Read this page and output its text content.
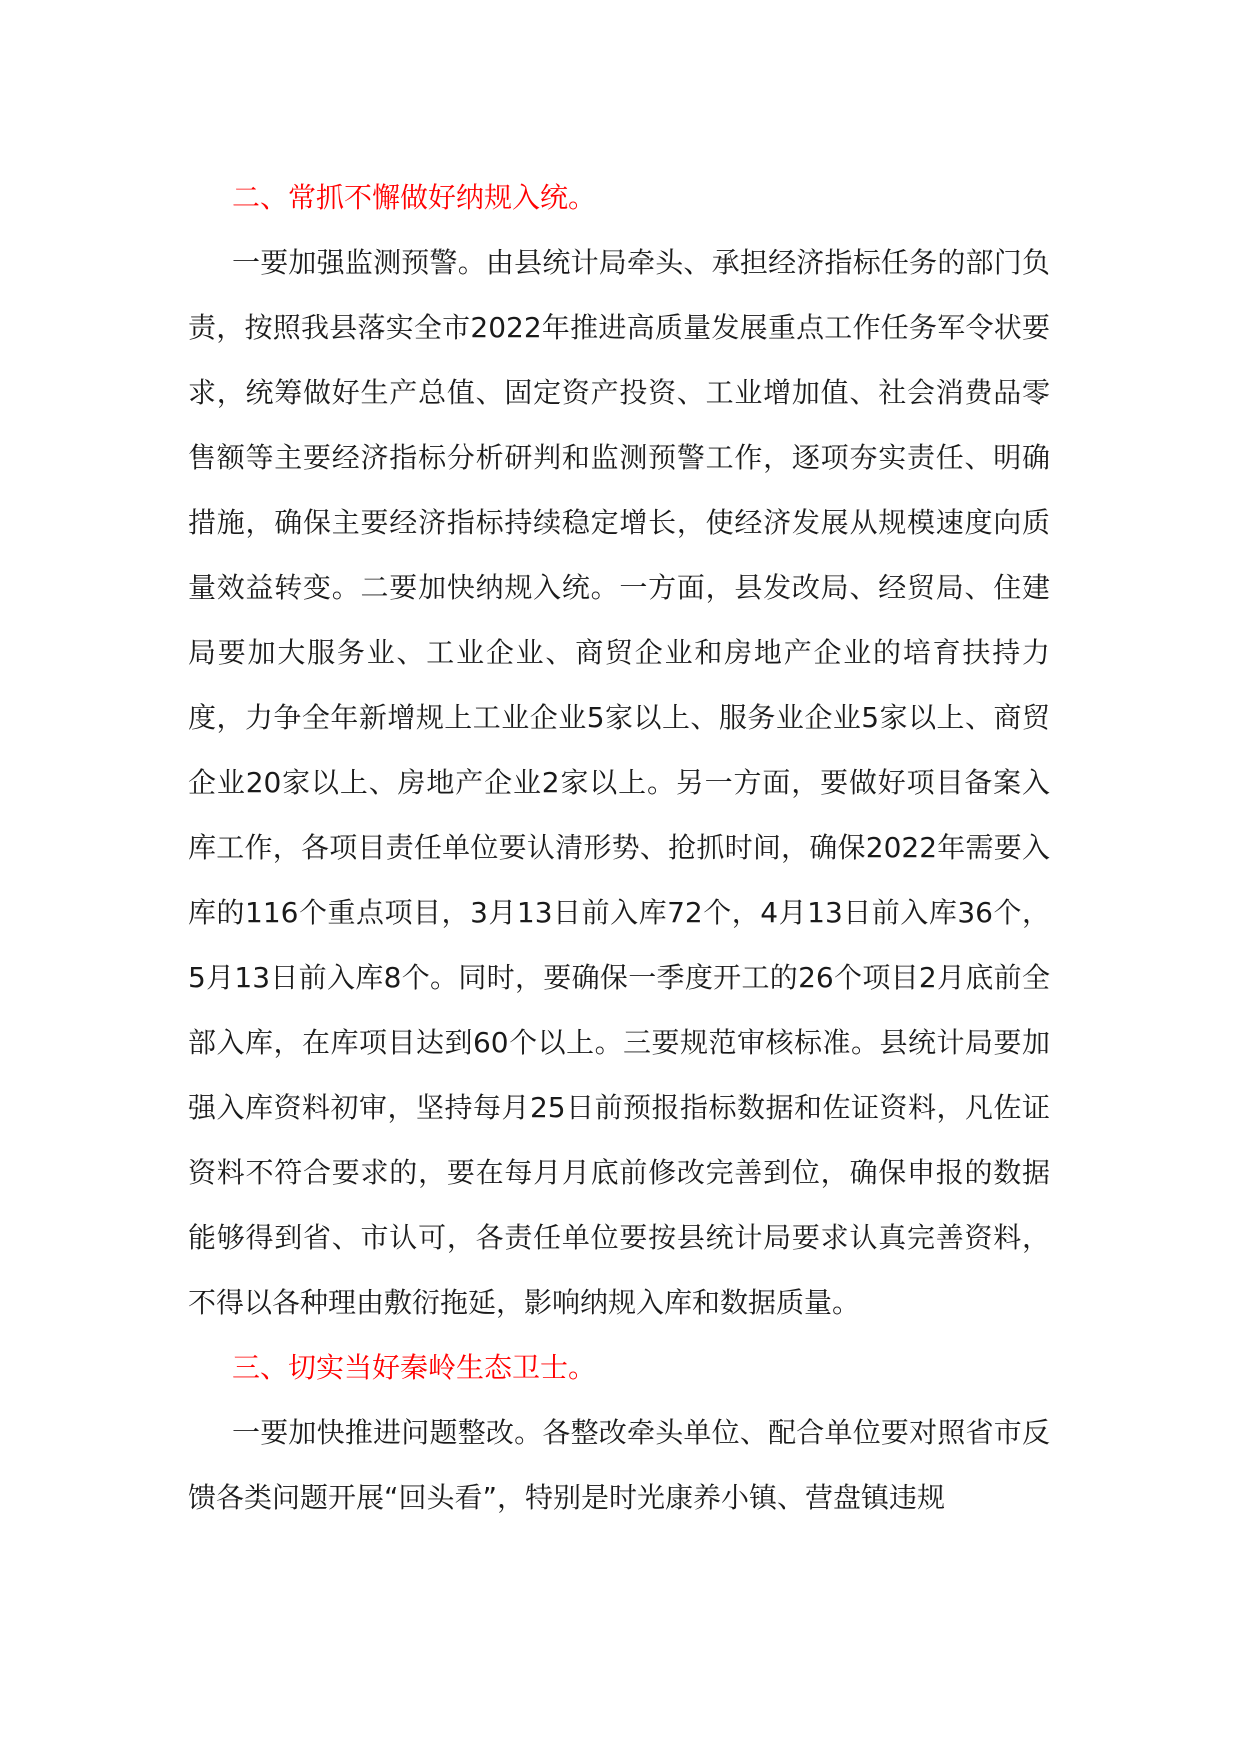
二、常抓不懈做好纳规入统。

一要加强监测预警。由县统计局牵头、承担经济指标任务的部门负责，按照我县落实全市2022年推进高质量发展重点工作任务军令状要求，统筹做好生产总值、固定资产投资、工业增加值、社会消费品零售额等主要经济指标分析研判和监测预警工作，逐项夯实责任、明确措施，确保主要经济指标持续稳定增长，使经济发展从规模速度向质量效益转变。二要加快纳规入统。一方面，县发改局、经贸局、住建局要加大服务业、工业企业、商贸企业和房地产企业的培育扶持力度，力争全年新增规上工业企业5家以上、服务业企业5家以上、商贸企业20家以上、房地产企业2家以上。另一方面，要做好项目备案入库工作，各项目责任单位要认清形势、抢抓时间，确保2022年需要入库的116个重点项目，3月13日前入库72个，4月13日前入库36个，5月13日前入库8个。同时，要确保一季度开工的26个项目2月底前全部入库，在库项目达到60个以上。三要规范审核标准。县统计局要加强入库资料初审，坚持每月25日前预报指标数据和佐证资料，凡佐证资料不符合要求的，要在每月月底前修改完善到位，确保申报的数据能够得到省、市认可，各责任单位要按县统计局要求认真完善资料，不得以各种理由敷衍拖延，影响纳规入库和数据质量。

三、切实当好秦岭生态卫士。

一要加快推进问题整改。各整改牵头单位、配合单位要对照省市反馈各类问题开展“回头看”，特别是时光康养小镇、营盘镇违规
